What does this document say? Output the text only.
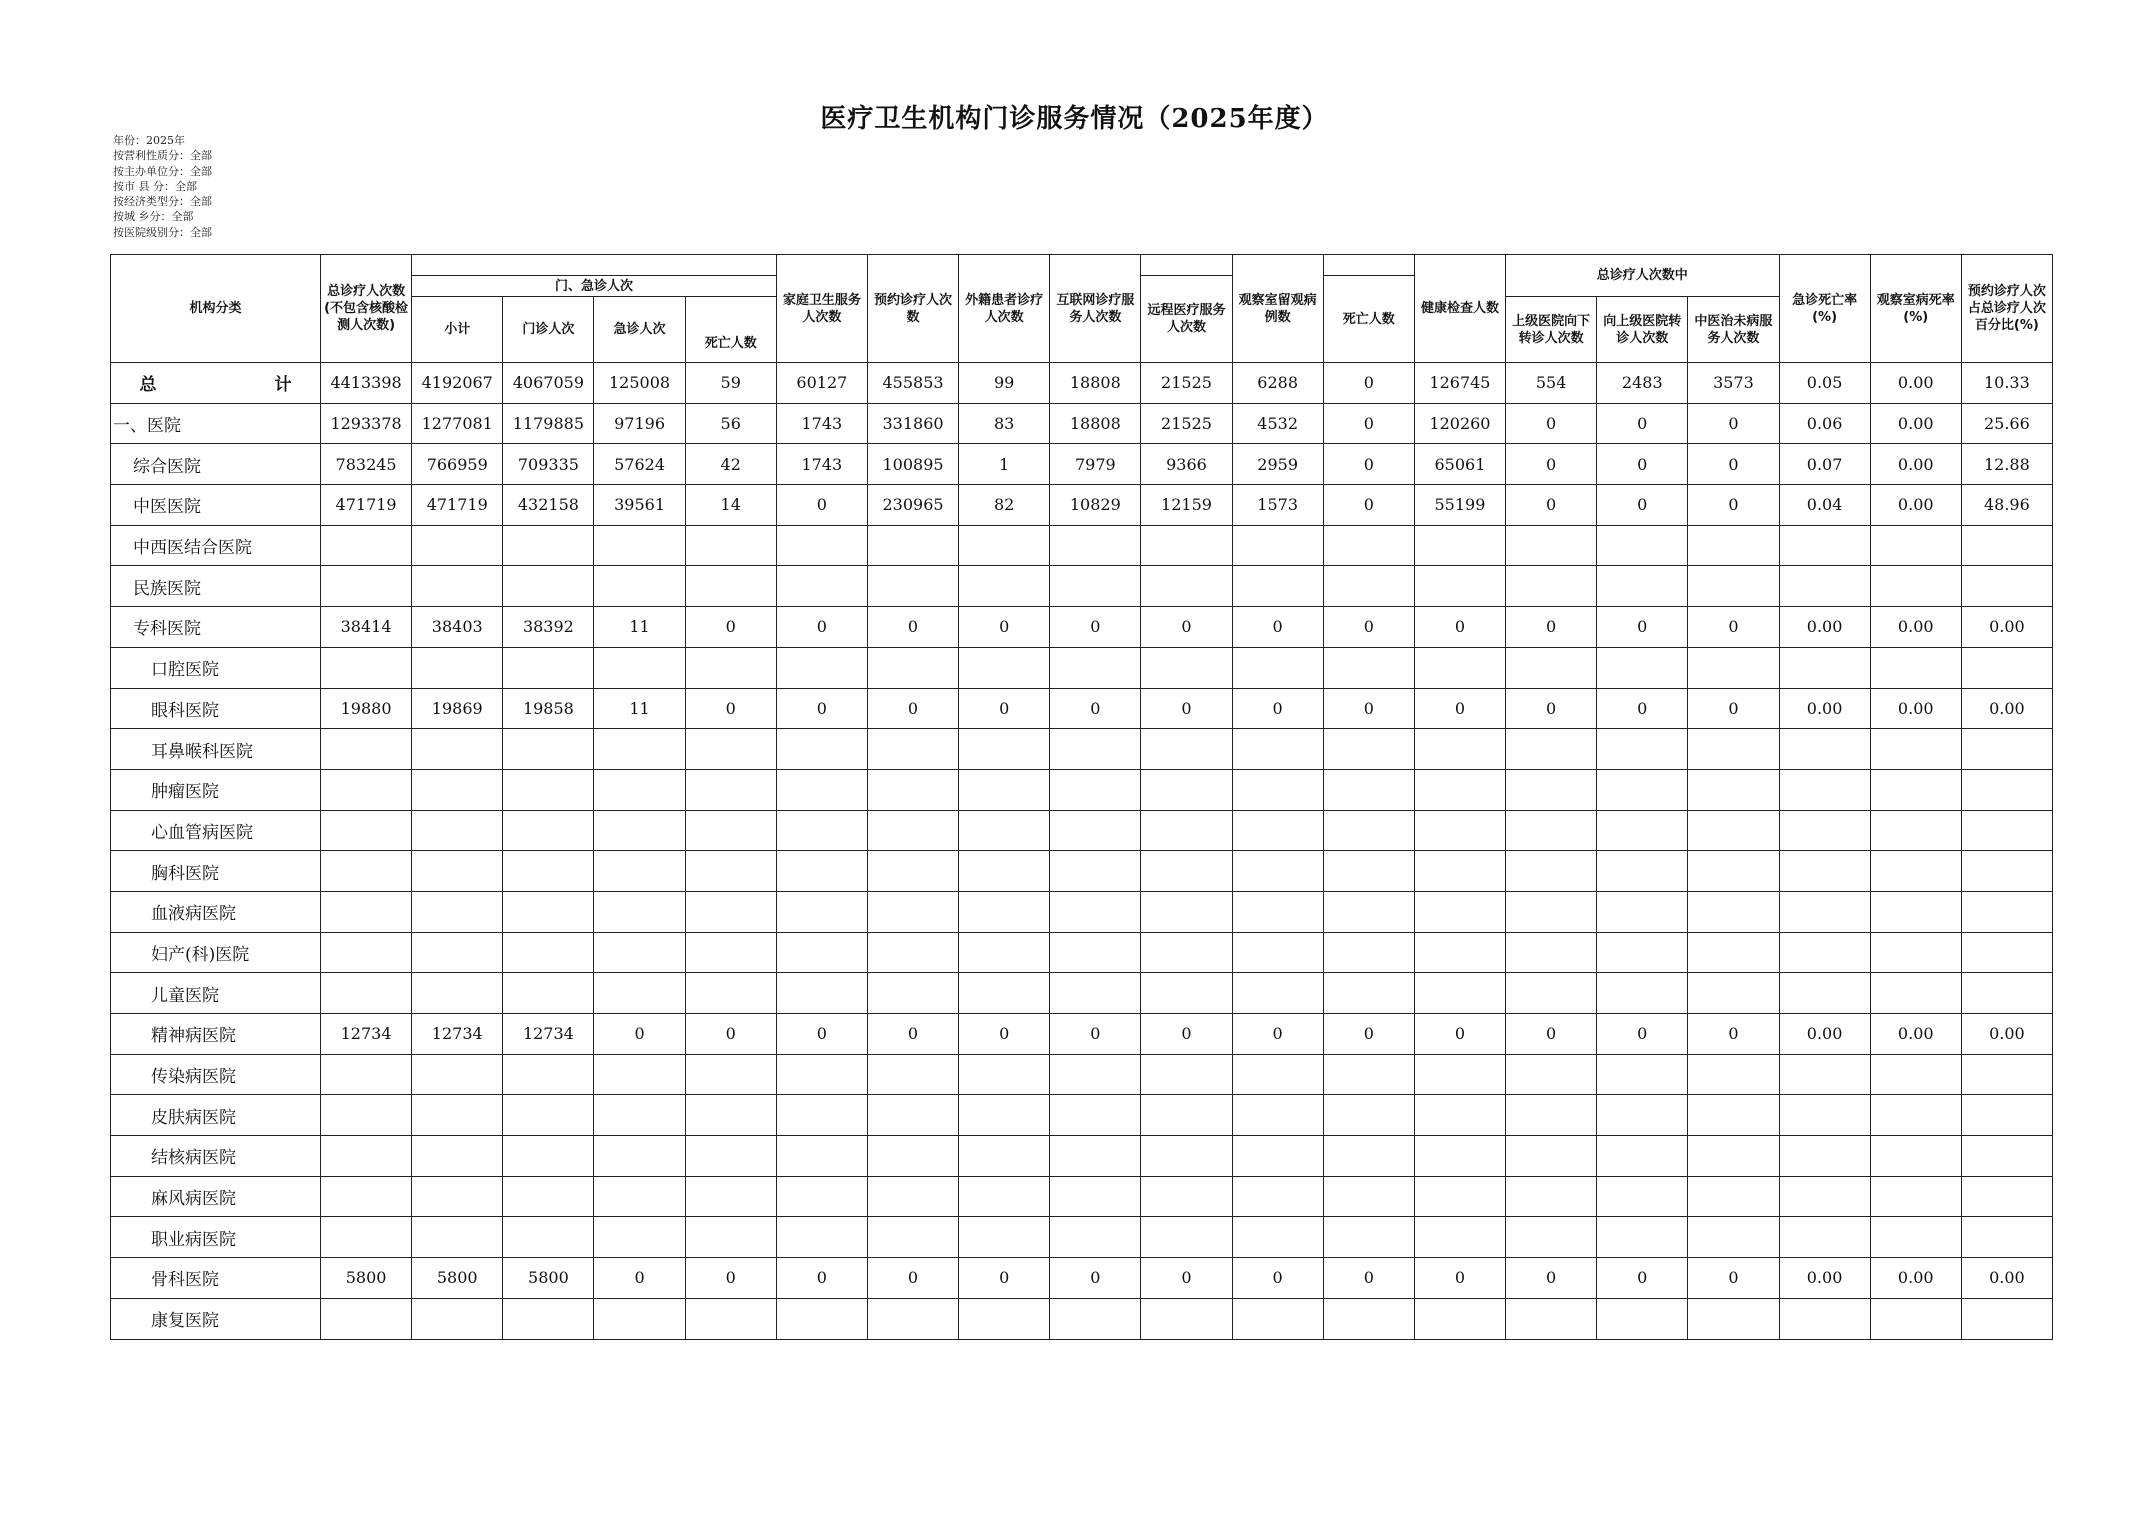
医疗卫生机构门诊服务情况（2025年度）
年份：2025年
按营利性质分：全部
按主办单位分：全部
按市 县 分：全部
按经济类型分：全部
按城 乡分：全部
按医院级别分：全部
机构分类	总诊疗人次数(不包含核酸检测人次数)					家庭卫生服务人次数	预约诊疗人次数	外籍患者诊疗人次数	互联网诊疗服务人次数		观察室留观病例数		健康检查人数	总诊疗人次数中			急诊死亡率(%)	观察室病死率(%)	预约诊疗人次占总诊疗人次百分比(%)

		门、急诊人次								远程医疗服务人次数		死亡人数							
		小计	门诊人次	急诊人次	死亡人数									上级医院向下转诊人次数	向上级医院转诊人次数	中医治未病服务人次数			

总　　计	4413398	4192067	4067059	125008	59	60127	455853	99	18808	21525	6288	0	126745	554	2483	3573	0.05	0.00	10.33
一、医院	1293378	1277081	1179885	97196	56	1743	331860	83	18808	21525	4532	0	120260	0	0	0	0.06	0.00	25.66
综合医院	783245	766959	709335	57624	42	1743	100895	1	7979	9366	2959	0	65061	0	0	0	0.07	0.00	12.88
中医医院	471719	471719	432158	39561	14	0	230965	82	10829	12159	1573	0	55199	0	0	0	0.04	0.00	48.96
中西医结合医院																			
民族医院																			
专科医院	38414	38403	38392	11	0	0	0	0	0	0	0	0	0	0	0	0	0.00	0.00	0.00
口腔医院																			
眼科医院	19880	19869	19858	11	0	0	0	0	0	0	0	0	0	0	0	0	0.00	0.00	0.00
耳鼻喉科医院																			
肿瘤医院																			
心血管病医院																			
胸科医院																			
血液病医院																			
妇产(科)医院																			
儿童医院																			
精神病医院	12734	12734	12734	0	0	0	0	0	0	0	0	0	0	0	0	0	0.00	0.00	0.00
传染病医院																			
皮肤病医院																			
结核病医院																			
麻风病医院																			
职业病医院																			
骨科医院	5800	5800	5800	0	0	0	0	0	0	0	0	0	0	0	0	0	0.00	0.00	0.00
康复医院																			
